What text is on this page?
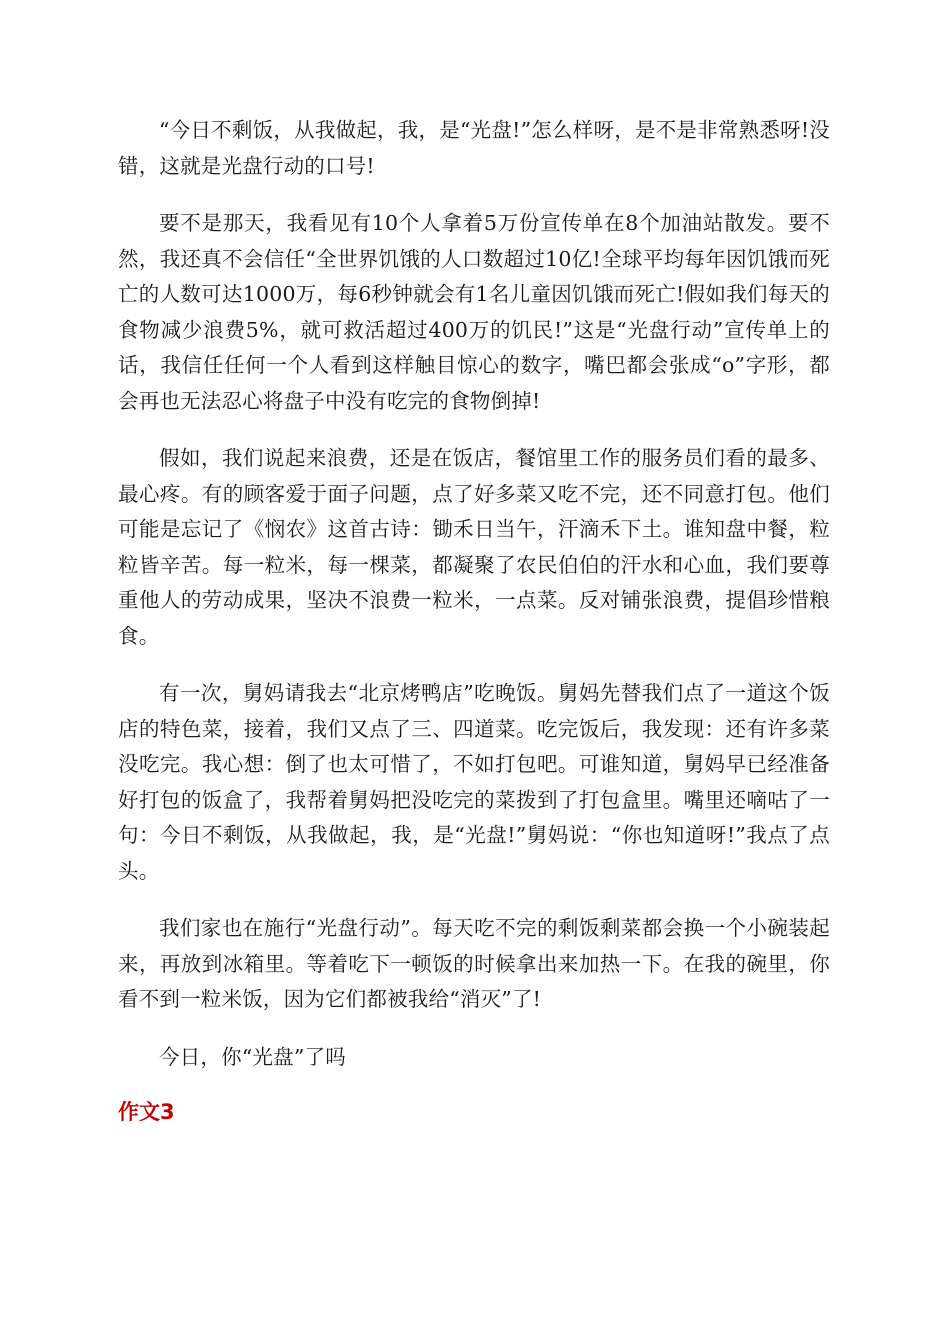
“今日不剩饭，从我做起，我，是“光盘!”怎么样呀，是不是非常熟悉呀!没错，这就是光盘行动的口号!

要不是那天，我看见有10个人拿着5万份宣传单在8个加油站散发。要不然，我还真不会信任“全世界饥饿的人口数超过10亿!全球平均每年因饥饿而死亡的人数可达1000万，每6秒钟就会有1名儿童因饥饿而死亡!假如我们每天的食物减少浪费5%，就可救活超过400万的饥民!”这是“光盘行动”宣传单上的话，我信任任何一个人看到这样触目惊心的数字，嘴巴都会张成“o”字形，都会再也无法忍心将盘子中没有吃完的食物倒掉!

假如，我们说起来浪费，还是在饭店，餐馆里工作的服务员们看的最多、最心疼。有的顾客爱于面子问题，点了好多菜又吃不完，还不同意打包。他们可能是忘记了《悯农》这首古诗：锄禾日当午，汗滴禾下土。谁知盘中餐，粒粒皆辛苦。每一粒米，每一棵菜，都凝聚了农民伯伯的汗水和心血，我们要尊重他人的劳动成果，坚决不浪费一粒米，一点菜。反对铺张浪费，提倡珍惜粮食。

有一次，舅妈请我去“北京烤鸭店”吃晚饭。舅妈先替我们点了一道这个饭店的特色菜，接着，我们又点了三、四道菜。吃完饭后，我发现：还有许多菜没吃完。我心想：倒了也太可惜了，不如打包吧。可谁知道，舅妈早已经准备好打包的饭盒了，我帮着舅妈把没吃完的菜拨到了打包盒里。嘴里还嘀咕了一句：今日不剩饭，从我做起，我，是“光盘!”舅妈说：“你也知道呀!”我点了点头。

我们家也在施行“光盘行动”。每天吃不完的剩饭剩菜都会换一个小碗装起来，再放到冰箱里。等着吃下一顿饭的时候拿出来加热一下。在我的碗里，你看不到一粒米饭，因为它们都被我给“消灭”了!

今日，你“光盘”了吗

作文3
